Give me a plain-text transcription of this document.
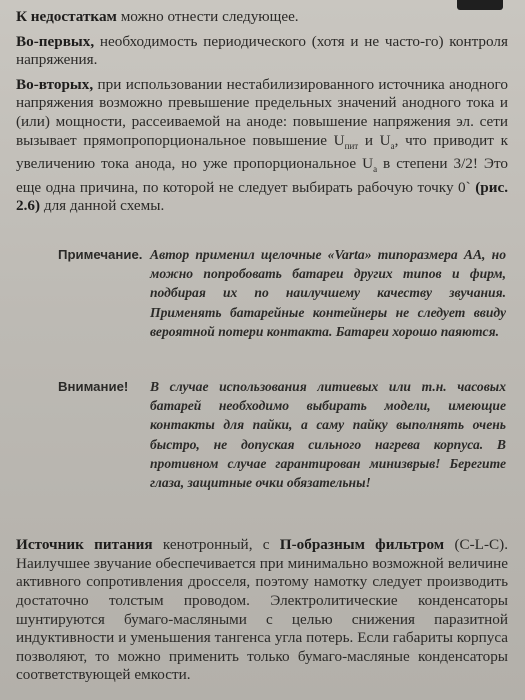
К недостаткам можно отнести следующее.

Во-первых, необходимость периодического (хотя и не часто-го) контроля напряжения.

Во-вторых, при использовании нестабилизированного источника анодного напряжения возможно превышение предельных значений анодного тока и (или) мощности, рассеиваемой на аноде: повышение напряжения эл. сети вызывает прямопропорциональное повышение $U_{пит}$ и $U_а$, что приводит к увеличению тока анода, но уже пропорциональное $U_а$ в степени 3/2! Это еще одна причина, по которой не следует выбирать рабочую точку 0` (рис. 2.6) для данной схемы.

Примечание. Автор применил щелочные «Varta» типоразмера АА, но можно попробовать батареи других типов и фирм, подбирая их по наилучшему качеству звучания. Применять батарейные контейнеры не следует ввиду вероятной потери контакта. Батареи хорошо паяются.
Внимание!	В случае использования литиевых или т.н. часовых батарей необходимо выбирать модели, имеющие контакты для пайки, а саму пайку выполнять очень быстро, не допуская сильного нагрева корпуса. В противном случае гарантирован минизврыв! Берегите глаза, защитные очки обязательны!

Источник питания кенотронный, с П-образным фильтром (C-L-C). Наилучшее звучание обеспечивается при минимально возможной величине активного сопротивления дросселя, поэтому намотку следует производить достаточно толстым проводом. Электролитические конденсаторы шунтируются бумаго-масляными с целью снижения паразитной индуктивности и уменьшения тангенса угла потерь. Если габариты корпуса позволяют, то можно применить только бумаго-масляные конденсаторы соответствующей емкости.
